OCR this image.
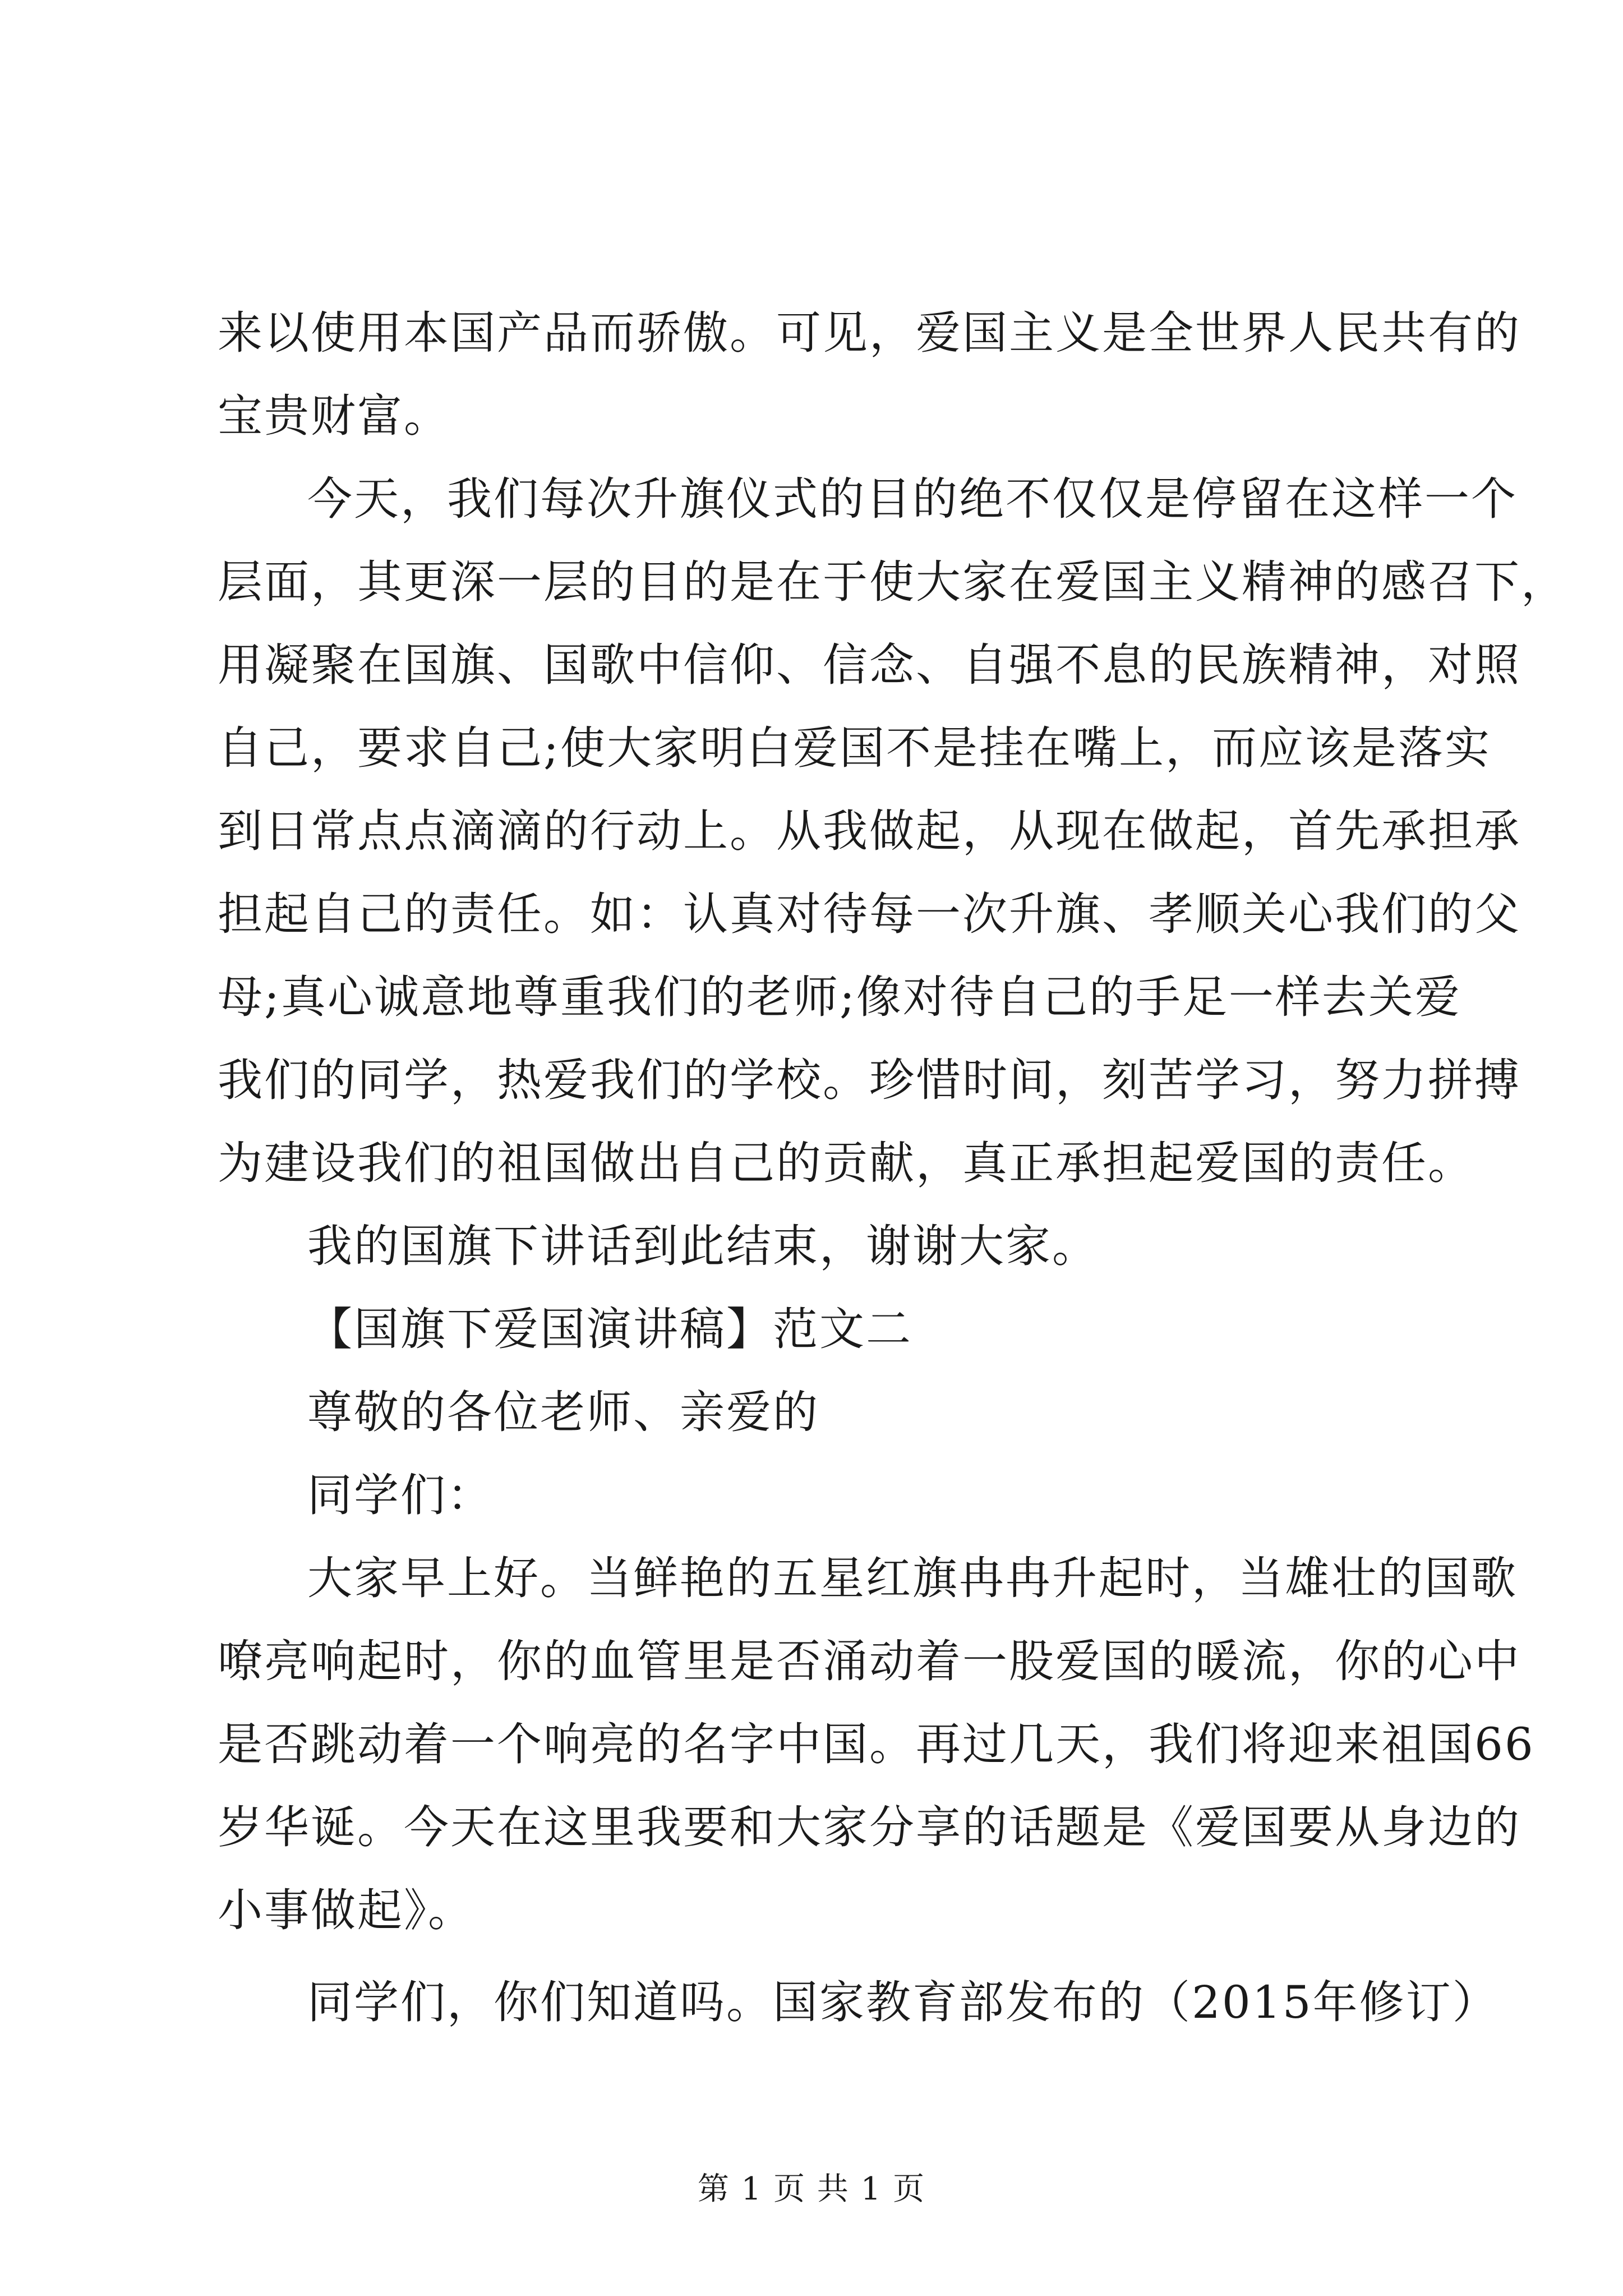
来以使用本国产品而骄傲。可见，爱国主义是全世界人民共有的
宝贵财富。
今天，我们每次升旗仪式的目的绝不仅仅是停留在这样一个
层面，其更深一层的目的是在于使大家在爱国主义精神的感召下，
用凝聚在国旗、国歌中信仰、信念、自强不息的民族精神，对照
自己，要求自己;使大家明白爱国不是挂在嘴上，而应该是落实
到日常点点滴滴的行动上。从我做起，从现在做起，首先承担承
担起自己的责任。如：认真对待每一次升旗、孝顺关心我们的父
母;真心诚意地尊重我们的老师;像对待自己的手足一样去关爱
我们的同学，热爱我们的学校。珍惜时间，刻苦学习，努力拼搏
为建设我们的祖国做出自己的贡献，真正承担起爱国的责任。
我的国旗下讲话到此结束，谢谢大家。
【国旗下爱国演讲稿】范文二
尊敬的各位老师、亲爱的
同学们：
大家早上好。当鲜艳的五星红旗冉冉升起时，当雄壮的国歌
嘹亮响起时，你的血管里是否涌动着一股爱国的暖流，你的心中
是否跳动着一个响亮的名字中国。再过几天，我们将迎来祖国66
岁华诞。今天在这里我要和大家分享的话题是《爱国要从身边的
小事做起》。
同学们，你们知道吗。国家教育部发布的（2015年修订）
第 1 页 共 1 页
